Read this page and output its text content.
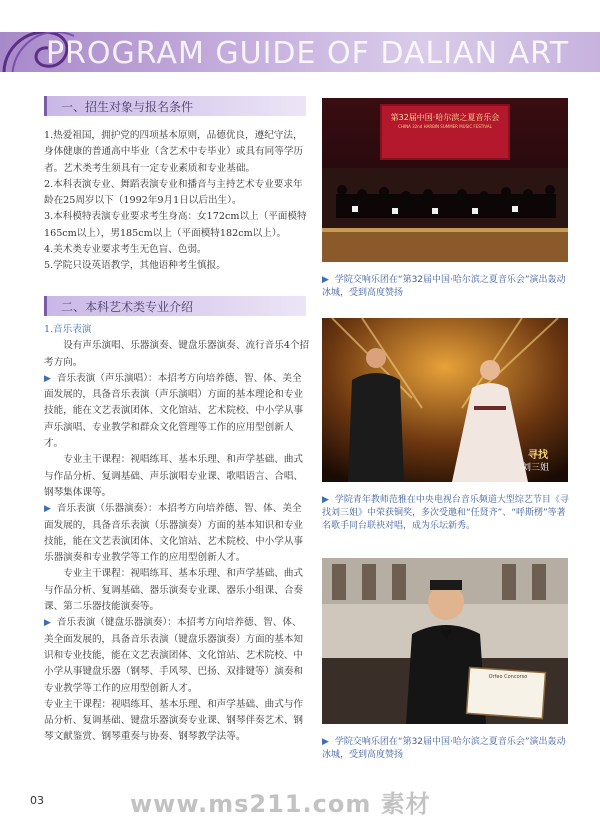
PROGRAM GUIDE OF DALIAN ART
一、招生对象与报名条件

1.热爱祖国，拥护党的四项基本原则，品德优良，遵纪守法，身体健康的普通高中毕业（含艺术中专毕业）或具有同等学历者。艺术类考生须具有一定专业素质和专业基础。

2.本科表演专业、舞蹈表演专业和播音与主持艺术专业要求年龄在25周岁以下（1992年9月1日以后出生）。

3.本科模特表演专业要求考生身高：女172cm以上（平面模特165cm以上），男185cm以上（平面模特182cm以上）。

4.美术类专业要求考生无色盲、色弱。

5.学院只设英语教学，其他语种考生慎报。

二、本科艺术类专业介绍

1.音乐表演

设有声乐演唱、乐器演奏、键盘乐器演奏、流行音乐4个招考方向。

▶ 音乐表演（声乐演唱）：本招考方向培养德、智、体、美全面发展的，具备音乐表演（声乐演唱）方面的基本理论和专业技能，能在文艺表演团体、文化馆站、艺术院校、中小学从事声乐演唱、专业教学和群众文化管理等工作的应用型创新人才。

专业主干课程：视唱练耳、基本乐理、和声学基础、曲式与作品分析、复调基础、声乐演唱专业课、歌唱语言、合唱、钢琴集体课等。

▶ 音乐表演（乐器演奏）：本招考方向培养德、智、体、美全面发展的，具备音乐表演（乐器演奏）方面的基本知识和专业技能，能在文艺表演团体、文化馆站、艺术院校、中小学从事乐器演奏和专业教学等工作的应用型创新人才。

专业主干课程：视唱练耳、基本乐理、和声学基础、曲式与作品分析、复调基础、器乐演奏专业课、器乐小组课、合奏课、第二乐器技能演奏等。

▶ 音乐表演（键盘乐器演奏）：本招考方向培养德、智、体、美全面发展的，具备音乐表演（键盘乐器演奏）方面的基本知识和专业技能，能在文艺表演团体、文化馆站、艺术院校、中小学从事键盘乐器（钢琴、手风琴、巴扬、双排键等）演奏和专业教学等工作的应用型创新人才。

专业主干课程：视唱练耳、基本乐理、和声学基础、曲式与作品分析、复调基础、键盘乐器演奏专业课、钢琴伴奏艺术、钢琴文献鉴赏、钢琴重奏与协奏、钢琴教学法等。

第32届中国·哈尔滨之夏音乐会
CHINA 32nd HARBIN SUMMER MUSIC FESTIVAL
▶ 学院交响乐团在“第32届中国·哈尔滨之夏音乐会”演出轰动冰城，受到高度赞扬
寻找
刘三姐
▶ 学院青年教师范雅在中央电视台音乐频道大型综艺节目《寻找刘三姐》中荣获铜奖，多次受邀和“任贤齐”、“呼斯楞”等著名歌手同台联袂对唱，成为乐坛新秀。
Orfeo Concorso
▶ 学院交响乐团在“第32届中国·哈尔滨之夏音乐会”演出轰动冰城，受到高度赞扬
www.ms211.com 素材
03
